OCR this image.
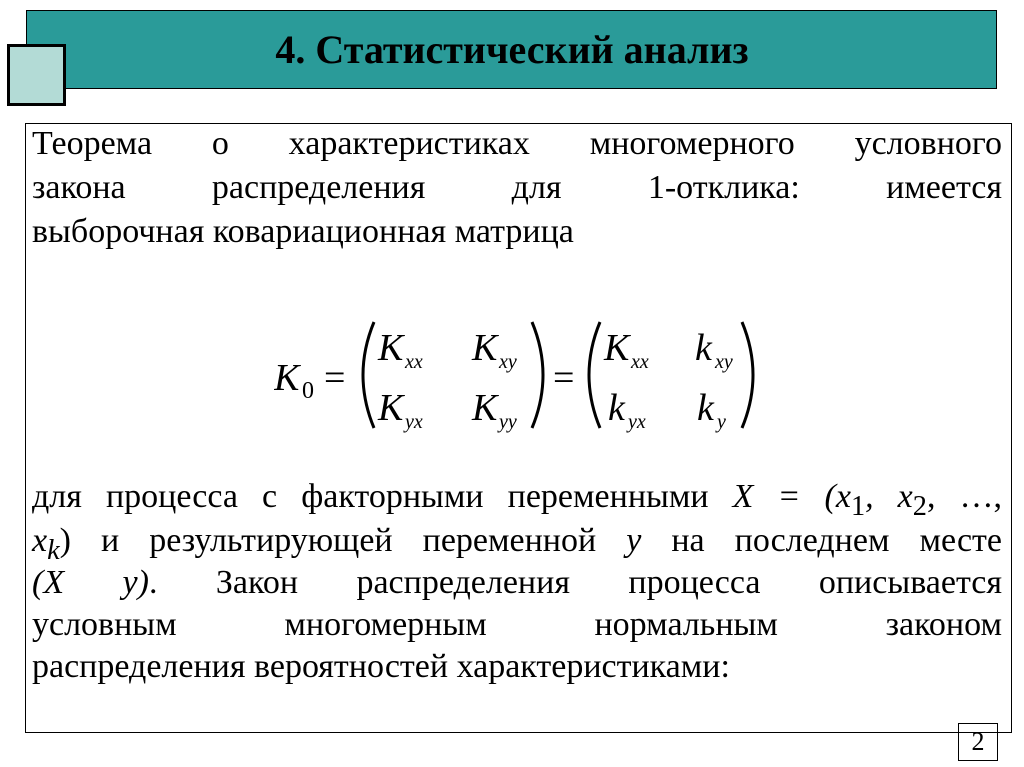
4. Статистический анализ
Теорема о характеристиках многомерного условного
закона распределения для 1-отклика: имеется
выборочная ковариационная матрица
K 0 =
K xx K xy
K yx K yy
=
K xx k xy
k yx k y
для процесса с факторными переменными $X = (x_1$, $x_2$, …,
$x_k$) и результирующей переменной y на последнем месте
(X y). Закон распределения процесса описывается
условным многомерным нормальным законом
распределения вероятностей характеристиками:
2
